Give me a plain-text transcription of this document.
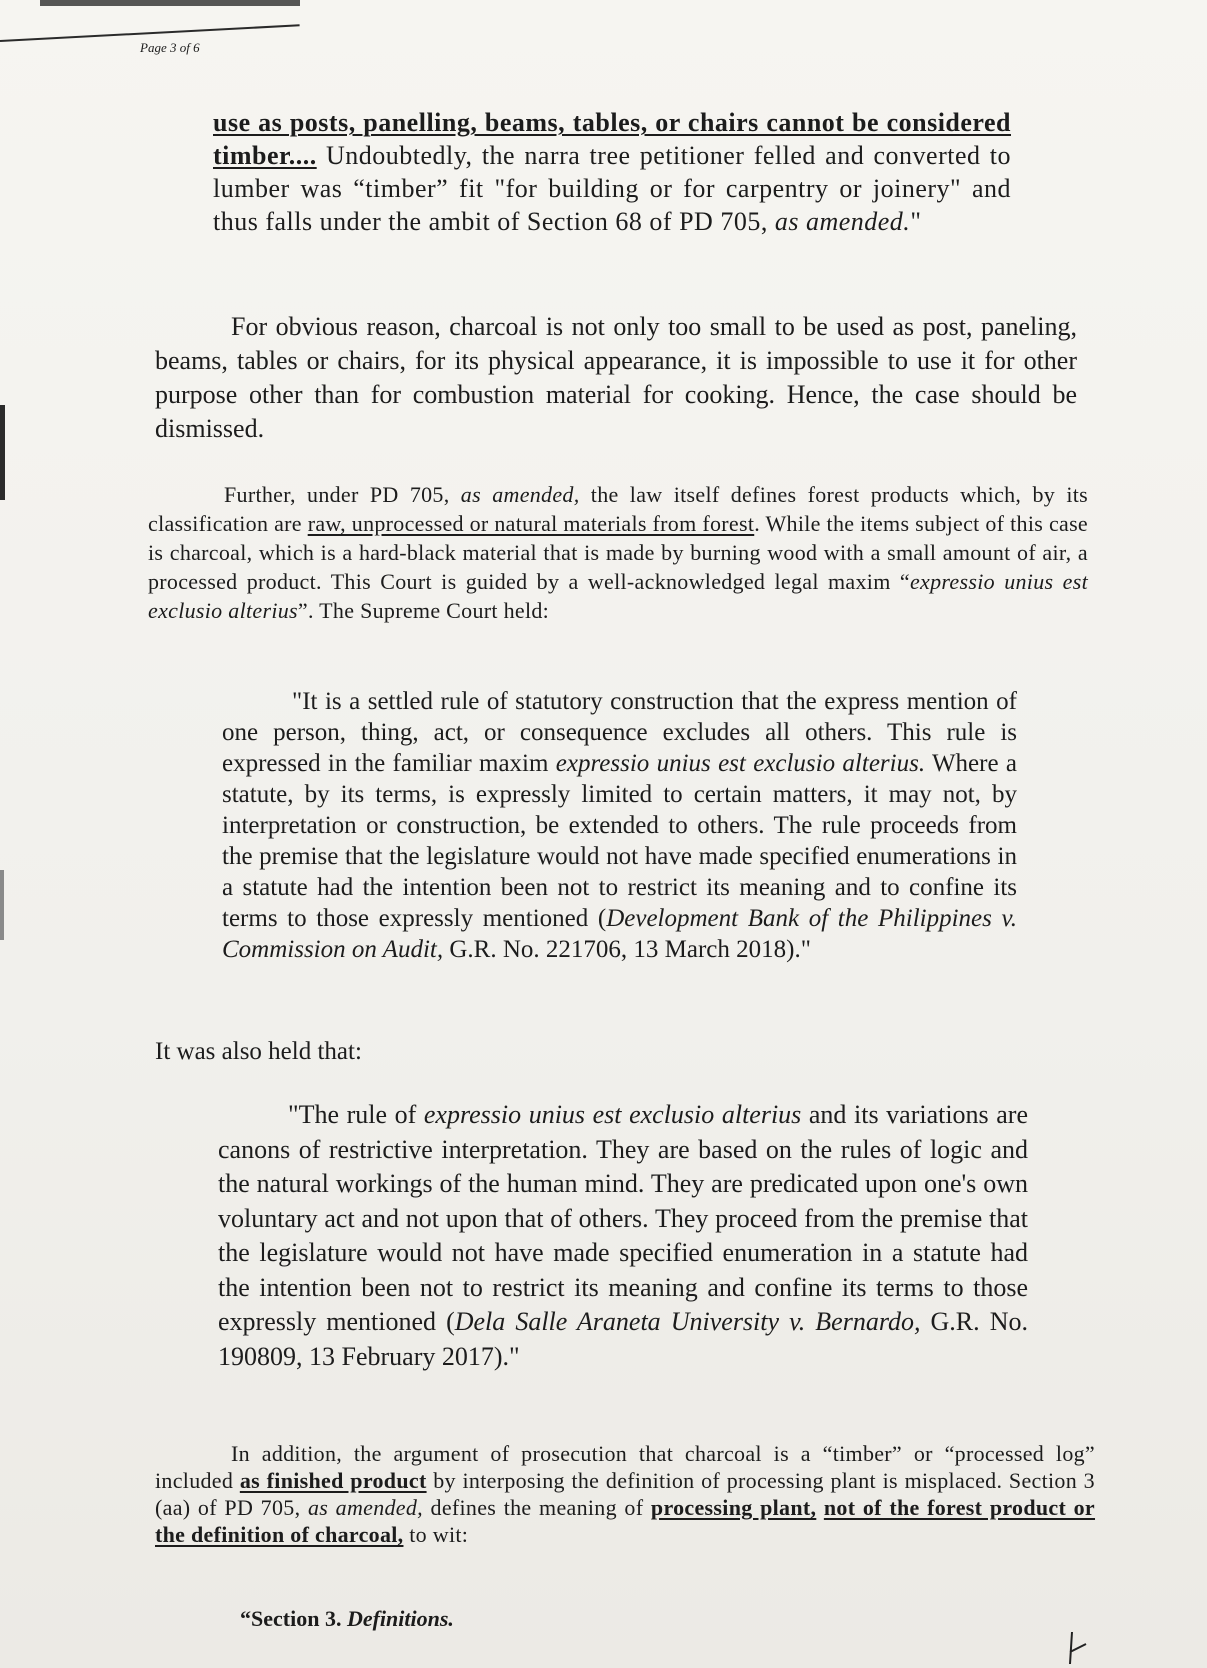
Page 3 of 6

use as posts, panelling, beams, tables, or chairs cannot be considered timber.... Undoubtedly, the narra tree petitioner felled and converted to lumber was “timber” fit "for building or for carpentry or joinery" and thus falls under the ambit of Section 68 of PD 705, as amended."

For obvious reason, charcoal is not only too small to be used as post, paneling, beams, tables or chairs, for its physical appearance, it is impossible to use it for other purpose other than for combustion material for cooking. Hence, the case should be dismissed.

Further, under PD 705, as amended, the law itself defines forest products which, by its classification are raw, unprocessed or natural materials from forest. While the items subject of this case is charcoal, which is a hard-black material that is made by burning wood with a small amount of air, a processed product. This Court is guided by a well-acknowledged legal maxim “expressio unius est exclusio alterius”. The Supreme Court held:

"It is a settled rule of statutory construction that the express mention of one person, thing, act, or consequence excludes all others. This rule is expressed in the familiar maxim expressio unius est exclusio alterius. Where a statute, by its terms, is expressly limited to certain matters, it may not, by interpretation or construction, be extended to others. The rule proceeds from the premise that the legislature would not have made specified enumerations in a statute had the intention been not to restrict its meaning and to confine its terms to those expressly mentioned (Development Bank of the Philippines v. Commission on Audit, G.R. No. 221706, 13 March 2018)."

It was also held that:

"The rule of expressio unius est exclusio alterius and its variations are canons of restrictive interpretation. They are based on the rules of logic and the natural workings of the human mind. They are predicated upon one's own voluntary act and not upon that of others. They proceed from the premise that the legislature would not have made specified enumeration in a statute had the intention been not to restrict its meaning and confine its terms to those expressly mentioned (Dela Salle Araneta University v. Bernardo, G.R. No. 190809, 13 February 2017)."

In addition, the argument of prosecution that charcoal is a “timber” or “processed log” included as finished product by interposing the definition of processing plant is misplaced. Section 3 (aa) of PD 705, as amended, defines the meaning of processing plant, not of the forest product or the definition of charcoal, to wit:

“Section 3. Definitions.
